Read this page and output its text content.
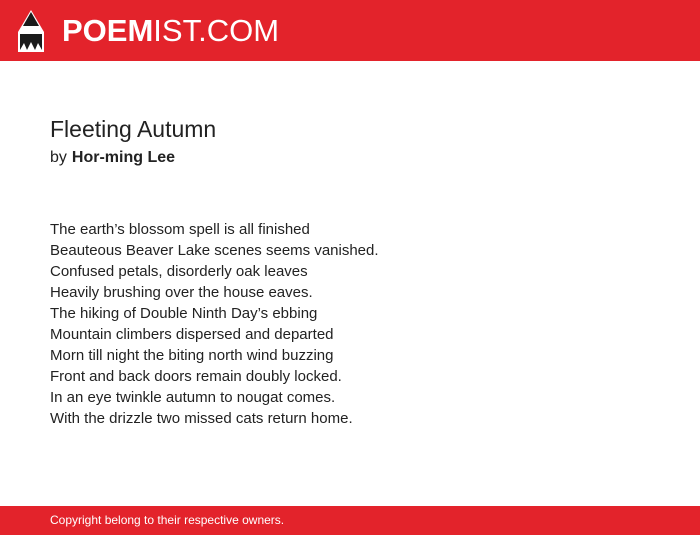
POEMIST.COM
Fleeting Autumn
by Hor-ming Lee
The earth’s blossom spell is all finished
Beauteous Beaver Lake scenes seems vanished.
Confused petals, disorderly oak leaves
Heavily brushing over the house eaves.
The hiking of Double Ninth Day’s ebbing
Mountain climbers dispersed and departed
Morn till night the biting north wind buzzing
Front and back doors remain doubly locked.
In an eye twinkle autumn to nougat comes.
With the drizzle two missed cats return home.
Copyright belong to their respective owners.
